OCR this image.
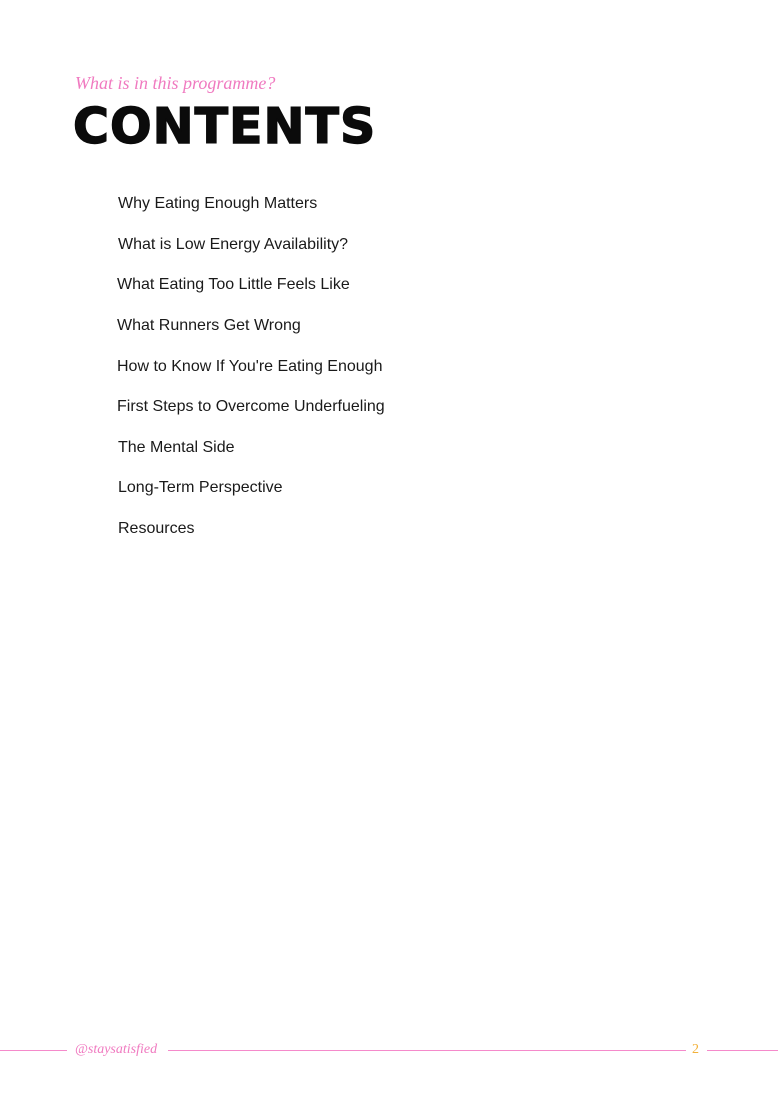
What is in this programme?
CONTENTS
Why Eating Enough Matters
What is Low Energy Availability?
What Eating Too Little Feels Like
What Runners Get Wrong
How to Know If You're Eating Enough
First Steps to Overcome Underfueling
The Mental Side
Long-Term Perspective
Resources
@staysatisfied	2
